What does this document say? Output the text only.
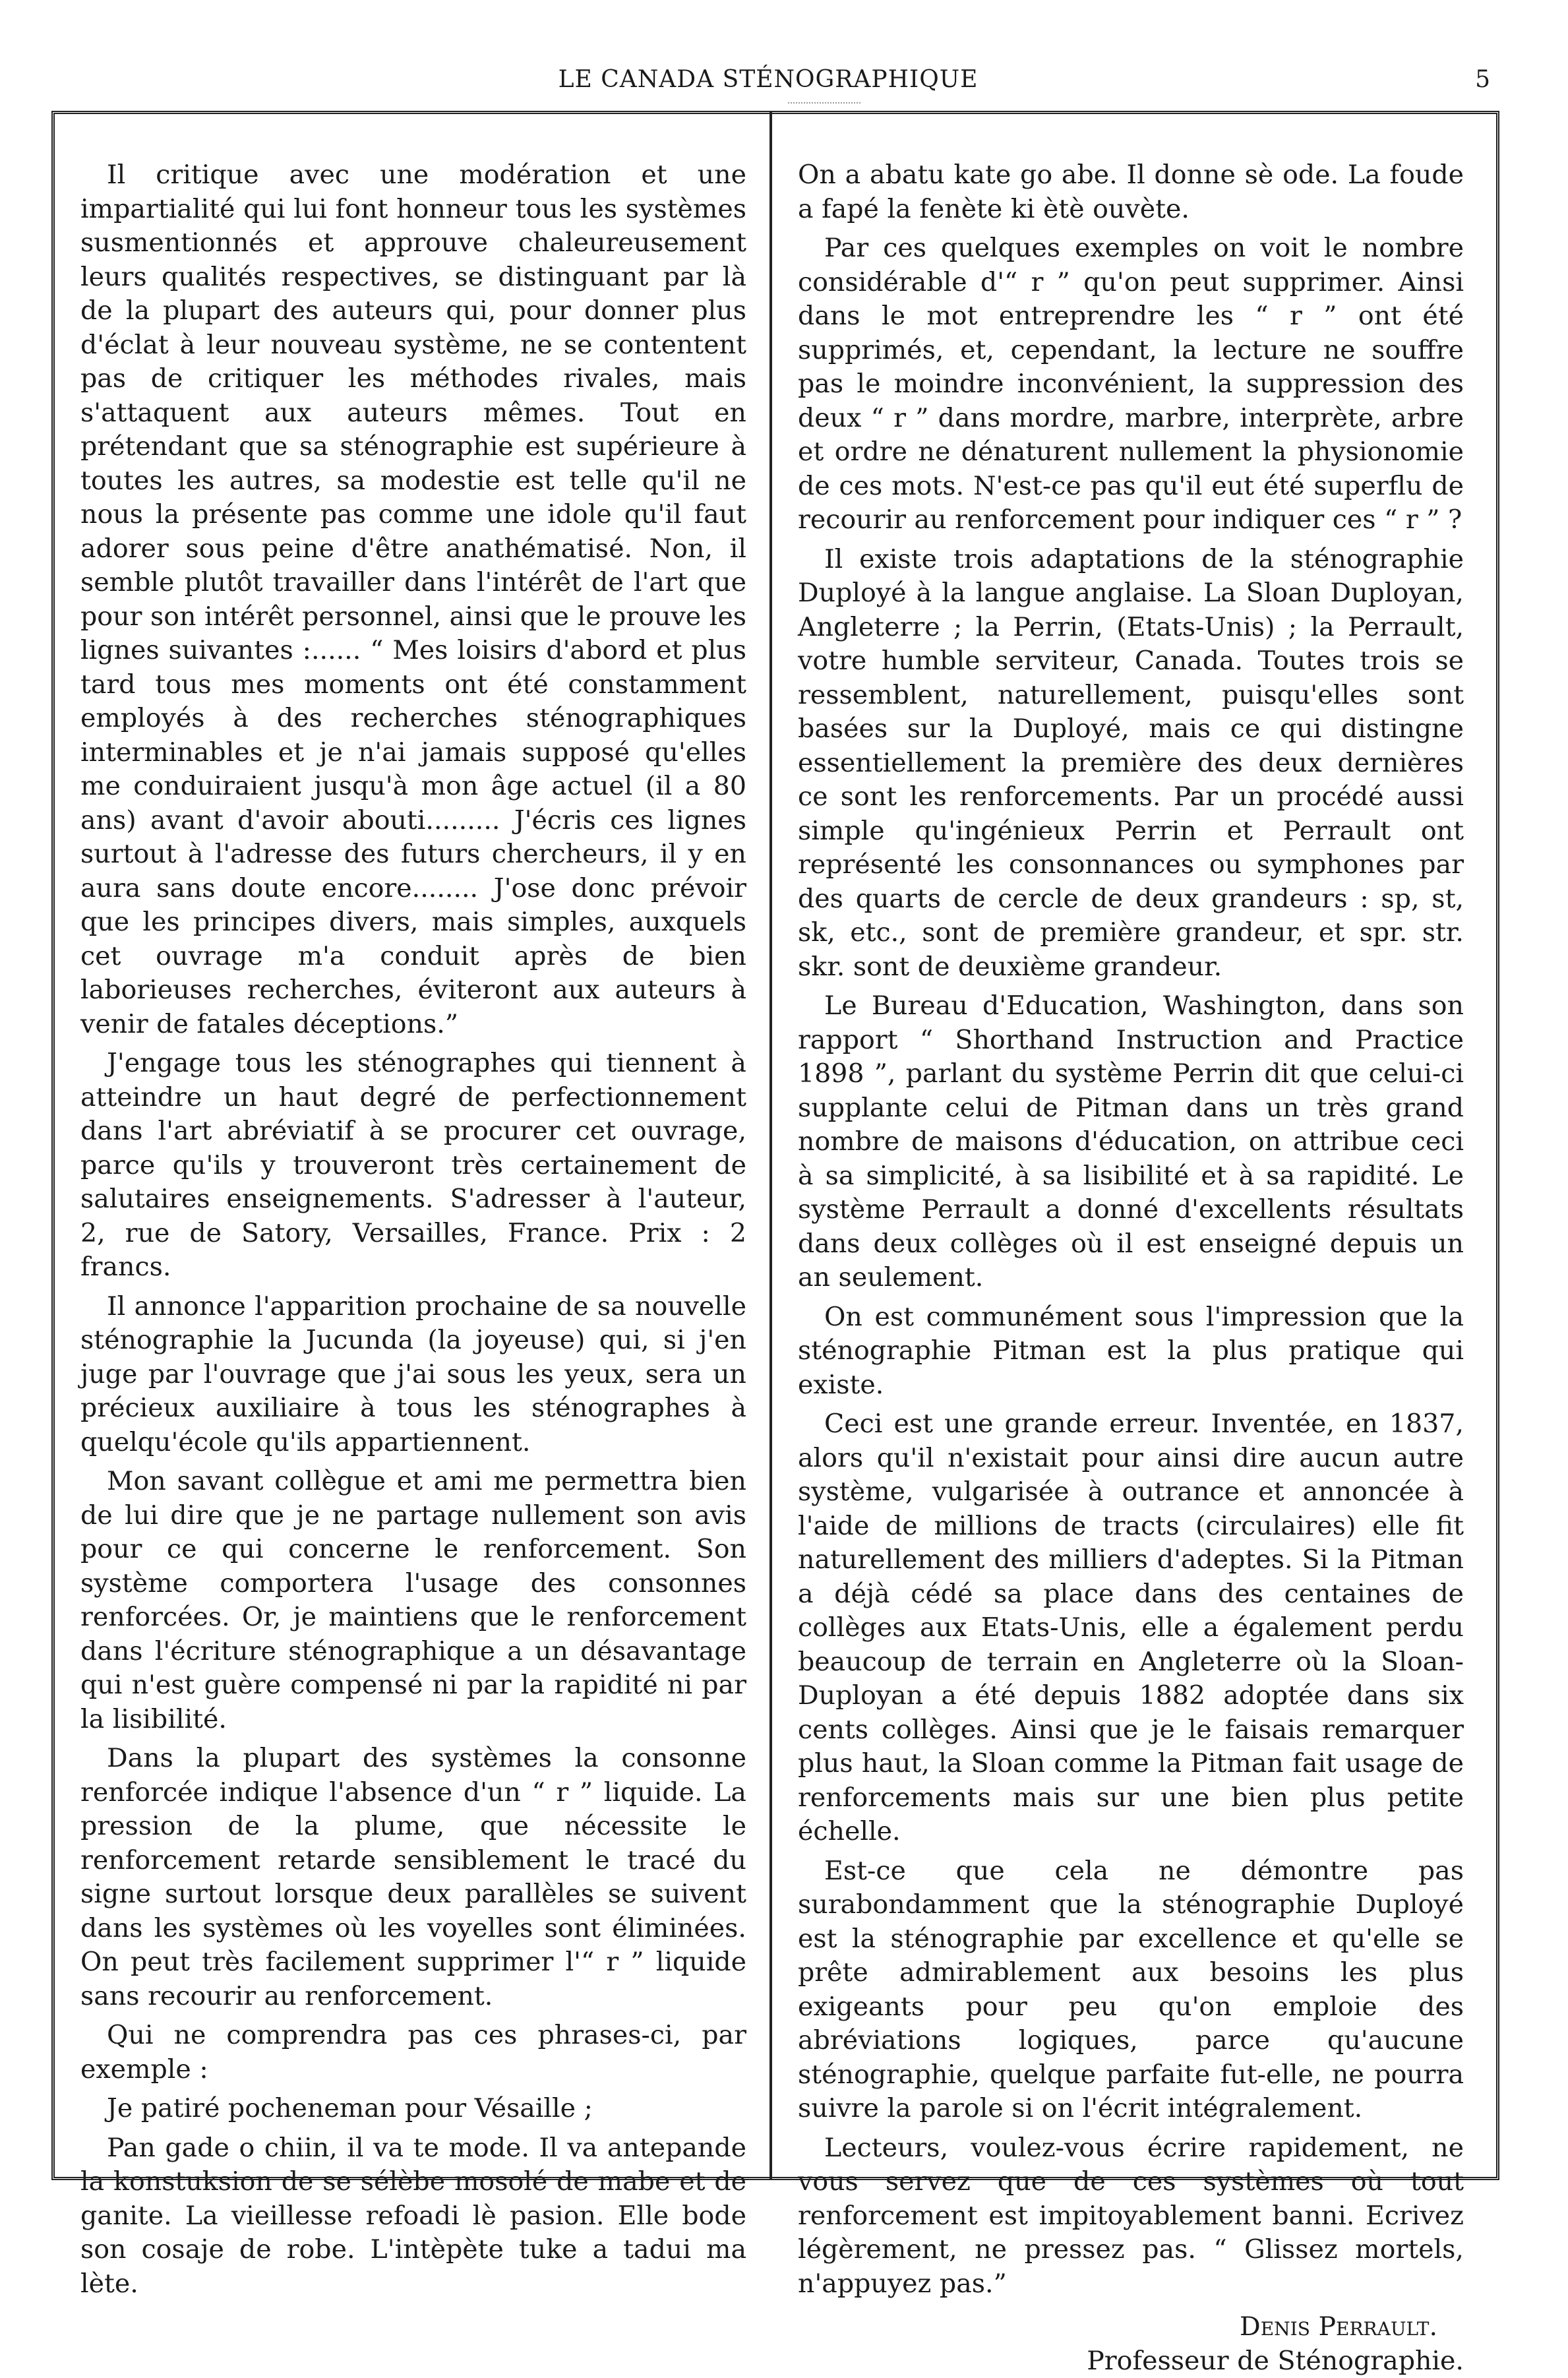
LE CANADA STÉNOGRAPHIQUE	5

Il critique avec une modération et une impartialité qui lui font honneur tous les systèmes susmentionnés et approuve chaleureusement leurs qualités respectives, se distinguant par là de la plupart des auteurs qui, pour donner plus d'éclat à leur nouveau système, ne se contentent pas de critiquer les méthodes rivales, mais s'attaquent aux auteurs mêmes. Tout en prétendant que sa sténographie est supérieure à toutes les autres, sa modestie est telle qu'il ne nous la présente pas comme une idole qu'il faut adorer sous peine d'être anathématisé. Non, il semble plutôt travailler dans l'intérêt de l'art que pour son intérêt personnel, ainsi que le prouve les lignes suivantes :...... “ Mes loisirs d'abord et plus tard tous mes moments ont été constamment employés à des recherches sténographiques interminables et je n'ai jamais supposé qu'elles me conduiraient jusqu'à mon âge actuel (il a 80 ans) avant d'avoir abouti......... J'écris ces lignes surtout à l'adresse des futurs chercheurs, il y en aura sans doute encore........ J'ose donc prévoir que les principes divers, mais simples, auxquels cet ouvrage m'a conduit après de bien laborieuses recherches, éviteront aux auteurs à venir de fatales déceptions.”

J'engage tous les sténographes qui tiennent à atteindre un haut degré de perfectionnement dans l'art abréviatif à se procurer cet ouvrage, parce qu'ils y trouveront très certainement de salutaires enseignements. S'adresser à l'auteur, 2, rue de Satory, Versailles, France. Prix : 2 francs.

Il annonce l'apparition prochaine de sa nouvelle sténographie la Jucunda (la joyeuse) qui, si j'en juge par l'ouvrage que j'ai sous les yeux, sera un précieux auxiliaire à tous les sténographes à quelqu'école qu'ils appartiennent.

Mon savant collègue et ami me permettra bien de lui dire que je ne partage nullement son avis pour ce qui concerne le renforcement. Son système comportera l'usage des consonnes renforcées. Or, je maintiens que le renforcement dans l'écriture sténographique a un désavantage qui n'est guère compensé ni par la rapidité ni par la lisibilité.

Dans la plupart des systèmes la consonne renforcée indique l'absence d'un “ r ” liquide. La pression de la plume, que nécessite le renforcement retarde sensiblement le tracé du signe surtout lorsque deux parallèles se suivent dans les systèmes où les voyelles sont éliminées. On peut très facilement supprimer l'“ r ” liquide sans recourir au renforcement.

Qui ne comprendra pas ces phrases-ci, par exemple :

Je patiré pocheneman pour Vésaille ;

Pan gade o chiin, il va te mode. Il va antepande la konstuksion de se sélèbe mosolé de mabe et de ganite. La vieillesse refoadi lè pasion. Elle bode son cosaje de robe. L'intèpète tuke a tadui ma lète.

On a abatu kate go abe. Il donne sè ode. La foude a fapé la fenète ki ètè ouvète.

Par ces quelques exemples on voit le nombre considérable d'“ r ” qu'on peut supprimer. Ainsi dans le mot entreprendre les “ r ” ont été supprimés, et, cependant, la lecture ne souffre pas le moindre inconvénient, la suppression des deux “ r ” dans mordre, marbre, interprète, arbre et ordre ne dénaturent nullement la physionomie de ces mots. N'est-ce pas qu'il eut été superflu de recourir au renforcement pour indiquer ces “ r ” ?

Il existe trois adaptations de la sténographie Duployé à la langue anglaise. La Sloan Duployan, Angleterre ; la Perrin, (Etats-Unis) ; la Perrault, votre humble serviteur, Canada. Toutes trois se ressemblent, naturellement, puisqu'elles sont basées sur la Duployé, mais ce qui distingne essentiellement la première des deux dernières ce sont les renforcements. Par un procédé aussi simple qu'ingénieux Perrin et Perrault ont représenté les consonnances ou symphones par des quarts de cercle de deux grandeurs : sp, st, sk, etc., sont de première grandeur, et spr. str. skr. sont de deuxième grandeur.

Le Bureau d'Education, Washington, dans son rapport “ Shorthand Instruction and Practice 1898 ”, parlant du système Perrin dit que celui-ci supplante celui de Pitman dans un très grand nombre de maisons d'éducation, on attribue ceci à sa simplicité, à sa lisibilité et à sa rapidité. Le système Perrault a donné d'excellents résultats dans deux collèges où il est enseigné depuis un an seulement.

On est communément sous l'impression que la sténographie Pitman est la plus pratique qui existe.

Ceci est une grande erreur. Inventée, en 1837, alors qu'il n'existait pour ainsi dire aucun autre système, vulgarisée à outrance et annoncée à l'aide de millions de tracts (circulaires) elle fit naturellement des milliers d'adeptes. Si la Pitman a déjà cédé sa place dans des centaines de collèges aux Etats-Unis, elle a également perdu beaucoup de terrain en Angleterre où la Sloan-Duployan a été depuis 1882 adoptée dans six cents collèges. Ainsi que je le faisais remarquer plus haut, la Sloan comme la Pitman fait usage de renforcements mais sur une bien plus petite échelle.

Est-ce que cela ne démontre pas surabondamment que la sténographie Duployé est la sténographie par excellence et qu'elle se prête admirablement aux besoins les plus exigeants pour peu qu'on emploie des abréviations logiques, parce qu'aucune sténographie, quelque parfaite fut-elle, ne pourra suivre la parole si on l'écrit intégralement.

Lecteurs, voulez-vous écrire rapidement, ne vous servez que de ces systèmes où tout renforcement est impitoyablement banni. Ecrivez légèrement, ne pressez pas. “ Glissez mortels, n'appuyez pas.”

Denis Perrault.
Professeur de Sténographie.
